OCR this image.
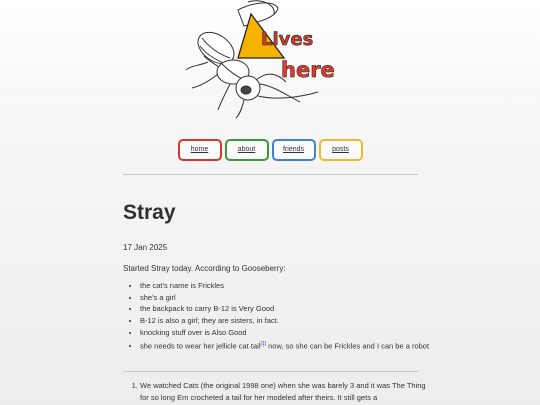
Lives
here
home	about	friends	posts
Stray
17 Jan 2025
Started Stray today. According to Gooseberry:
• the cat's name is Frickles
• she's a girl
• the backpack to carry B-12 is Very Good
• B-12 is also a girl; they are sisters, in fact.
• knocking stuff over is Also Good
• she needs to wear her jellicle cat tail[1] now, so she can be Frickles and I can be a robot
1. We watched Cats (the original 1998 one) when she was barely 3 and it was The Thing for so long Em crocheted a tail for her modeled after theirs. It still gets a
